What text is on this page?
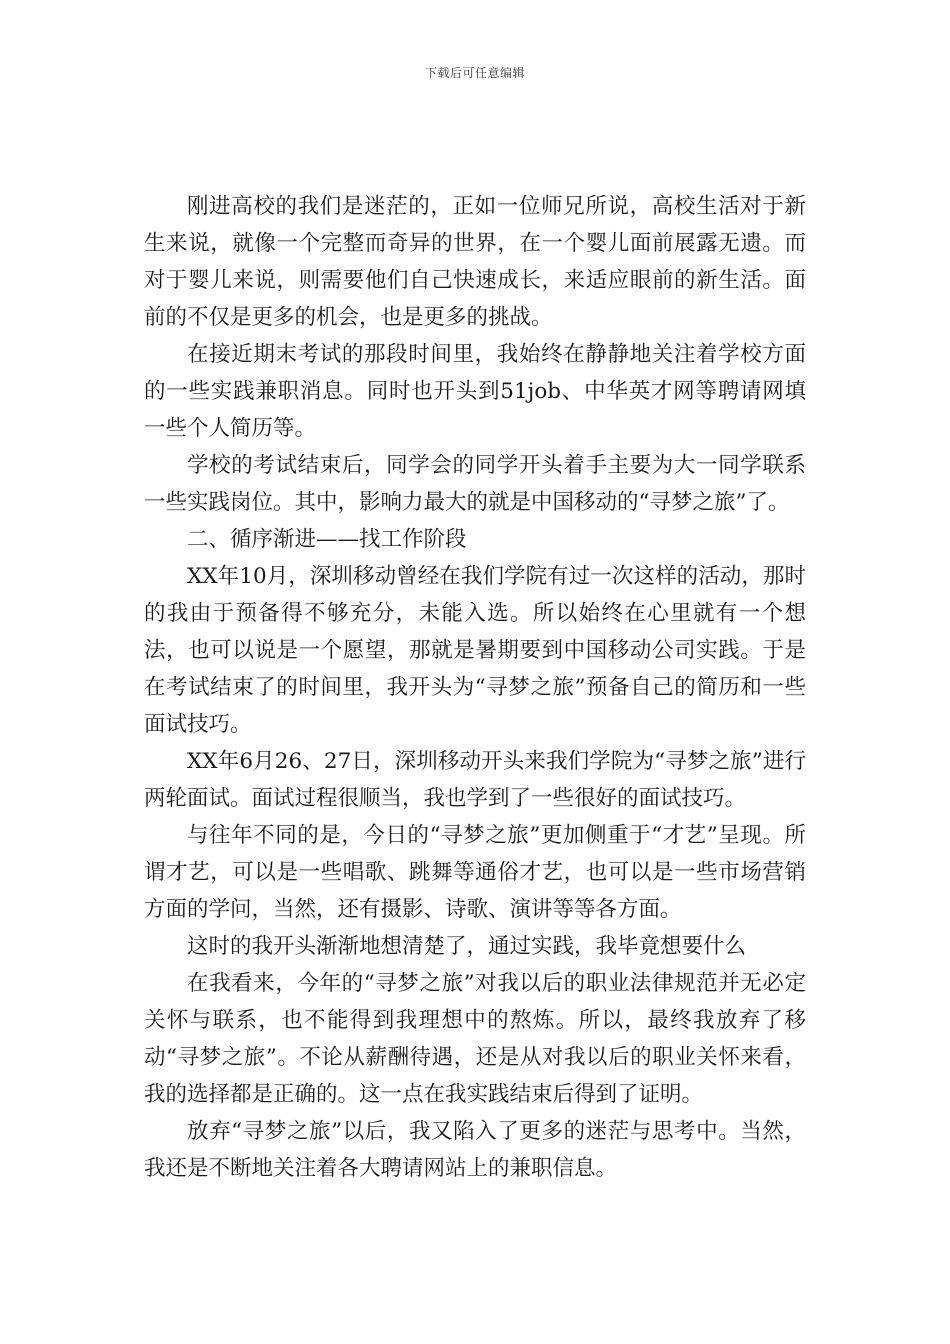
下载后可任意编辑

刚进高校的我们是迷茫的，正如一位师兄所说，高校生活对于新生来说，就像一个完整而奇异的世界，在一个婴儿面前展露无遗。而对于婴儿来说，则需要他们自己快速成长，来适应眼前的新生活。面前的不仅是更多的机会，也是更多的挑战。

在接近期末考试的那段时间里，我始终在静静地关注着学校方面的一些实践兼职消息。同时也开头到51job、中华英才网等聘请网填一些个人简历等。

学校的考试结束后，同学会的同学开头着手主要为大一同学联系一些实践岗位。其中，影响力最大的就是中国移动的“寻梦之旅”了。

二、循序渐进——找工作阶段

XX年10月，深圳移动曾经在我们学院有过一次这样的活动，那时的我由于预备得不够充分，未能入选。所以始终在心里就有一个想法，也可以说是一个愿望，那就是暑期要到中国移动公司实践。于是在考试结束了的时间里，我开头为“寻梦之旅”预备自己的简历和一些面试技巧。

XX年6月26、27日，深圳移动开头来我们学院为“寻梦之旅”进行两轮面试。面试过程很顺当，我也学到了一些很好的面试技巧。

与往年不同的是，今日的“寻梦之旅”更加侧重于“才艺”呈现。所谓才艺，可以是一些唱歌、跳舞等通俗才艺，也可以是一些市场营销方面的学问，当然，还有摄影、诗歌、演讲等等各方面。

这时的我开头渐渐地想清楚了，通过实践，我毕竟想要什么

在我看来，今年的“寻梦之旅”对我以后的职业法律规范并无必定关怀与联系，也不能得到我理想中的熬炼。所以，最终我放弃了移动“寻梦之旅”。不论从薪酬待遇，还是从对我以后的职业关怀来看，我的选择都是正确的。这一点在我实践结束后得到了证明。

放弃“寻梦之旅”以后，我又陷入了更多的迷茫与思考中。当然，我还是不断地关注着各大聘请网站上的兼职信息。
